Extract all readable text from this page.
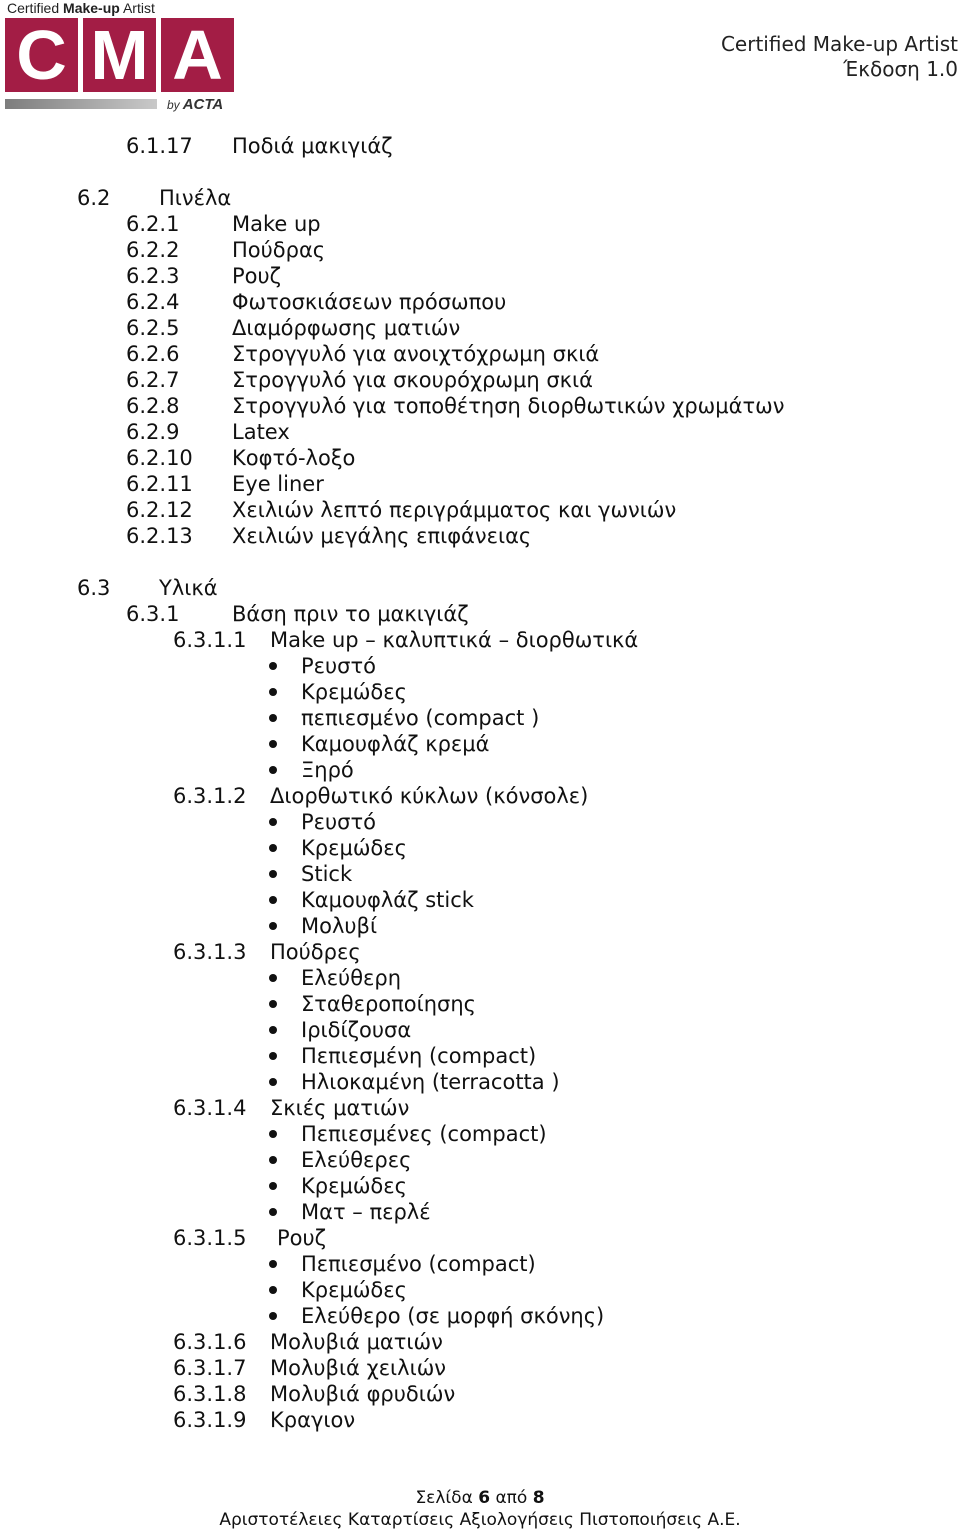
Certified Make-up Artist
C M A
by ACTA
Certified Make-up Artist
Έκδοση 1.0
6.1.17 Ποδιά μακιγιάζ
6.2 Πινέλα
6.2.1	Make up
6.2.2	Πούδρας
6.2.3	Ρουζ
6.2.4	Φωτοσκιάσεων πρόσωπου
6.2.5	Διαμόρφωσης ματιών
6.2.6	Στρογγυλό για ανοιχτόχρωμη σκιά
6.2.7	Στρογγυλό για σκουρόχρωμη σκιά
6.2.8	Στρογγυλό για τοποθέτηση διορθωτικών χρωμάτων
6.2.9	Latex
6.2.10 Κοφτό-λοξο
6.2.11 Eye liner
6.2.12 Χειλιών λεπτό περιγράμματος και γωνιών
6.2.13 Χειλιών μεγάλης επιφάνειας
6.3 Υλικά
6.3.1	Βάση πριν το μακιγιάζ
6.3.1.1 Make up – καλυπτικά – διορθωτικά
Ρευστό
Κρεμώδες
πεπιεσμένο (compact )
Καμουφλάζ κρεμά
Ξηρό
6.3.1.2 Διορθωτικό κύκλων (κόνσολε)
Ρευστό
Κρεμώδες
Stick
Καμουφλάζ stick
Μολυβί
6.3.1.3 Πούδρες
Ελεύθερη
Σταθεροποίησης
Ιριδίζουσα
Πεπιεσμένη (compact)
Ηλιοκαμένη (terracotta )
6.3.1.4 Σκιές ματιών
Πεπιεσμένες (compact)
Ελεύθερες
Κρεμώδες
Ματ – περλέ
6.3.1.5 Ρουζ
Πεπιεσμένο (compact)
Κρεμώδες
Ελεύθερο (σε μορφή σκόνης)
6.3.1.6 Μολυβιά ματιών
6.3.1.7 Μολυβιά χειλιών
6.3.1.8 Μολυβιά φρυδιών
6.3.1.9 Κραγιον
Σελίδα 6 από 8
Αριστοτέλειες Καταρτίσεις Αξιολογήσεις Πιστοποιήσεις Α.Ε.
